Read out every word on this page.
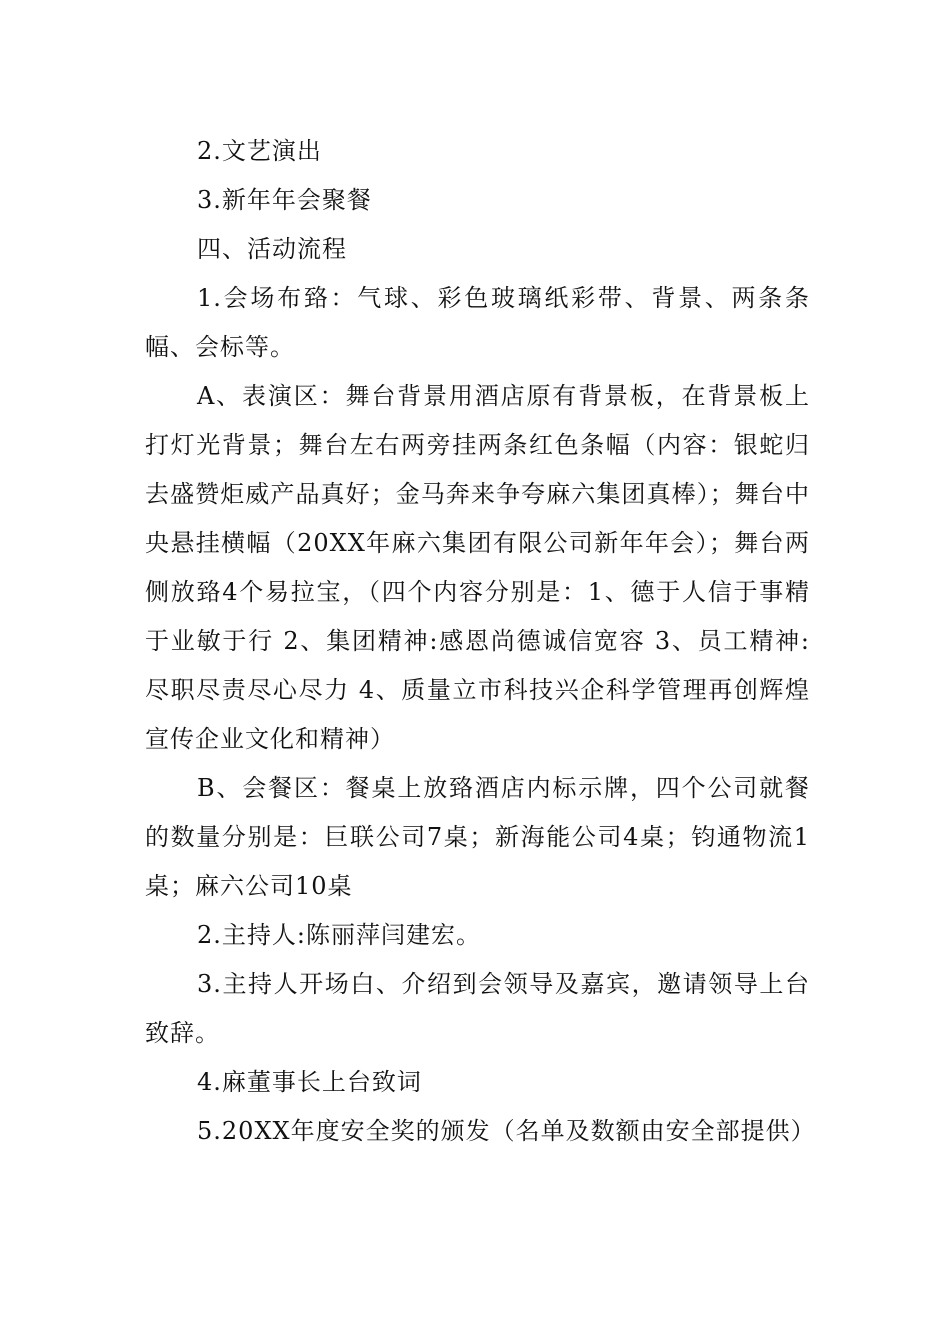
2.文艺演出

3.新年年会聚餐

四、活动流程

1.会场布臵：气球、彩色玻璃纸彩带、背景、两条条幅、会标等。

A、表演区：舞台背景用酒店原有背景板，在背景板上打灯光背景；舞台左右两旁挂两条红色条幅（内容：银蛇归去盛赞炬威产品真好；金马奔来争夸麻六集团真棒）；舞台中央悬挂横幅（20XX年麻六集团有限公司新年年会）；舞台两侧放臵4个易拉宝，（四个内容分别是：1、德于人信于事精于业敏于行 2、集团精神:感恩尚德诚信宽容 3、员工精神:尽职尽责尽心尽力 4、质量立市科技兴企科学管理再创辉煌宣传企业文化和精神）

B、会餐区：餐桌上放臵酒店内标示牌，四个公司就餐的数量分别是：巨联公司7桌；新海能公司4桌；钧通物流1桌；麻六公司10桌

2.主持人:陈丽萍闫建宏。

3.主持人开场白、介绍到会领导及嘉宾，邀请领导上台致辞。

4.麻董事长上台致词

5.20XX年度安全奖的颁发（名单及数额由安全部提供）
